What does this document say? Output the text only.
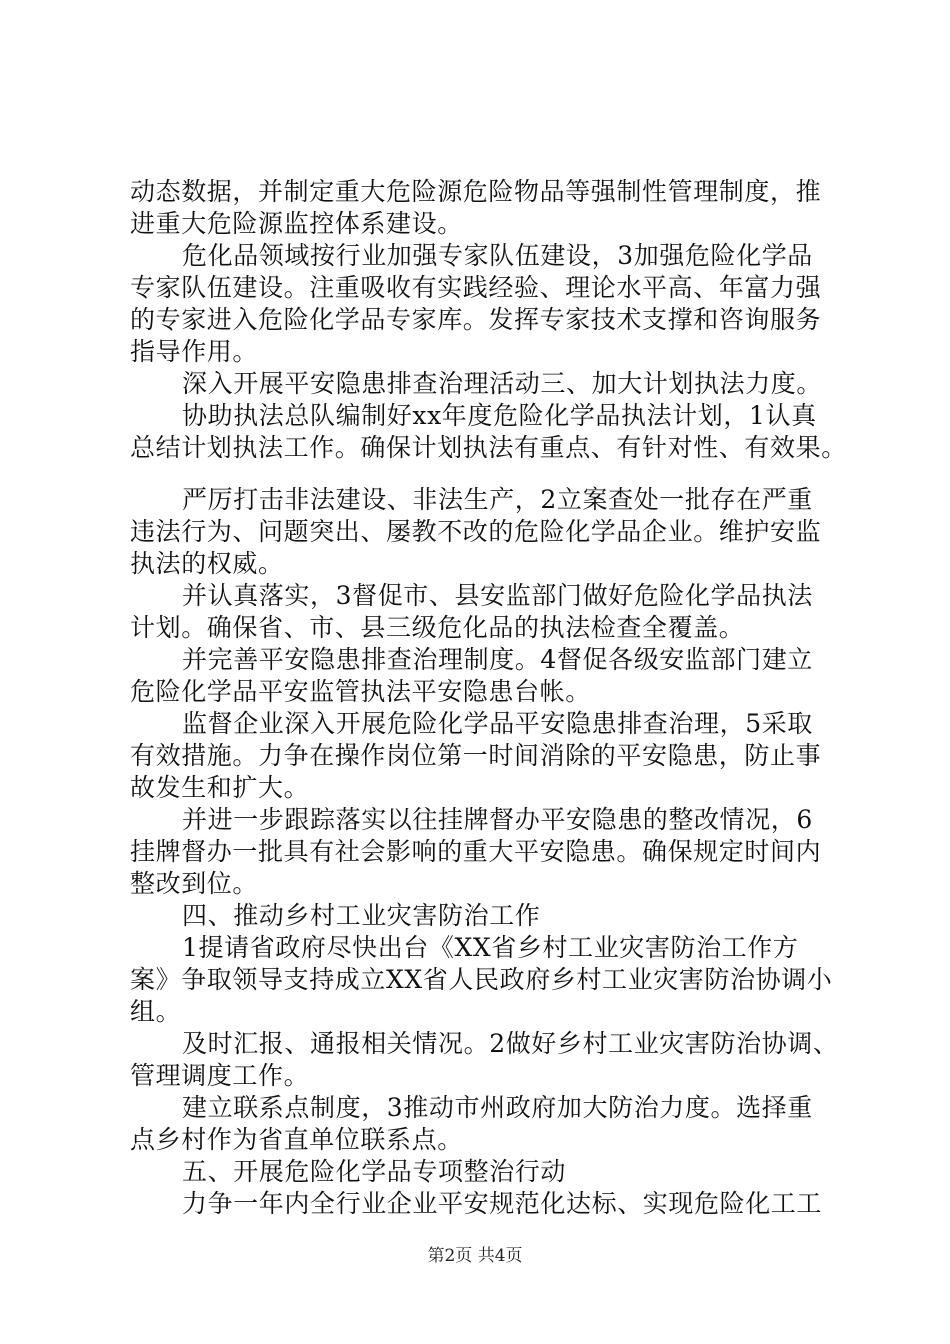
动态数据，并制定重大危险源危险物品等强制性管理制度，推
进重大危险源监控体系建设。
危化品领域按行业加强专家队伍建设，3加强危险化学品
专家队伍建设。注重吸收有实践经验、理论水平高、年富力强
的专家进入危险化学品专家库。发挥专家技术支撑和咨询服务
指导作用。
深入开展平安隐患排查治理活动三、加大计划执法力度。
协助执法总队编制好xx年度危险化学品执法计划，1认真
总结计划执法工作。确保计划执法有重点、有针对性、有效果。
严厉打击非法建设、非法生产，2立案查处一批存在严重
违法行为、问题突出、屡教不改的危险化学品企业。维护安监
执法的权威。
并认真落实，3督促市、县安监部门做好危险化学品执法
计划。确保省、市、县三级危化品的执法检查全覆盖。
并完善平安隐患排查治理制度。4督促各级安监部门建立
危险化学品平安监管执法平安隐患台帐。
监督企业深入开展危险化学品平安隐患排查治理，5采取
有效措施。力争在操作岗位第一时间消除的平安隐患，防止事
故发生和扩大。
并进一步跟踪落实以往挂牌督办平安隐患的整改情况，6
挂牌督办一批具有社会影响的重大平安隐患。确保规定时间内
整改到位。
四、推动乡村工业灾害防治工作
1提请省政府尽快出台《XX省乡村工业灾害防治工作方
案》争取领导支持成立XX省人民政府乡村工业灾害防治协调小
组。
及时汇报、通报相关情况。2做好乡村工业灾害防治协调、
管理调度工作。
建立联系点制度，3推动市州政府加大防治力度。选择重
点乡村作为省直单位联系点。
五、开展危险化学品专项整治行动
力争一年内全行业企业平安规范化达标、实现危险化工工
第2页 共4页
